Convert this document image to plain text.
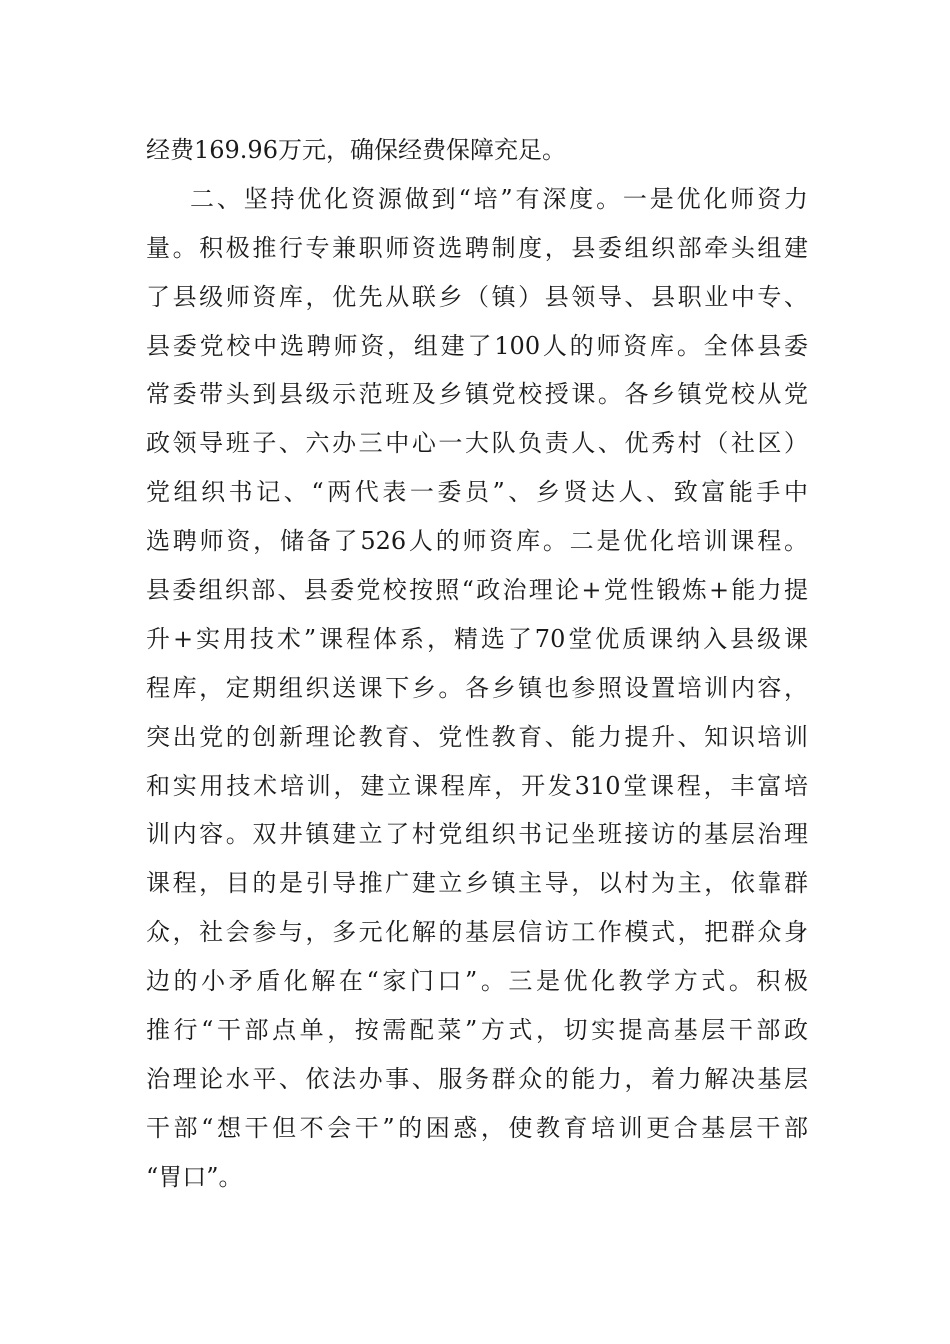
经费169.96万元，确保经费保障充足。
二、坚持优化资源做到“培”有深度。一是优化师资力
量。积极推行专兼职师资选聘制度，县委组织部牵头组建
了县级师资库，优先从联乡（镇）县领导、县职业中专、
县委党校中选聘师资，组建了100人的师资库。全体县委
常委带头到县级示范班及乡镇党校授课。各乡镇党校从党
政领导班子、六办三中心一大队负责人、优秀村（社区）
党组织书记、“两代表一委员”、乡贤达人、致富能手中
选聘师资，储备了526人的师资库。二是优化培训课程。
县委组织部、县委党校按照“政治理论+党性锻炼+能力提
升+实用技术”课程体系，精选了70堂优质课纳入县级课
程库，定期组织送课下乡。各乡镇也参照设置培训内容，
突出党的创新理论教育、党性教育、能力提升、知识培训
和实用技术培训，建立课程库，开发310堂课程，丰富培
训内容。双井镇建立了村党组织书记坐班接访的基层治理
课程，目的是引导推广建立乡镇主导，以村为主，依靠群
众，社会参与，多元化解的基层信访工作模式，把群众身
边的小矛盾化解在“家门口”。三是优化教学方式。积极
推行“干部点单，按需配菜”方式，切实提高基层干部政
治理论水平、依法办事、服务群众的能力，着力解决基层
干部“想干但不会干”的困惑，使教育培训更合基层干部
“胃口”。
